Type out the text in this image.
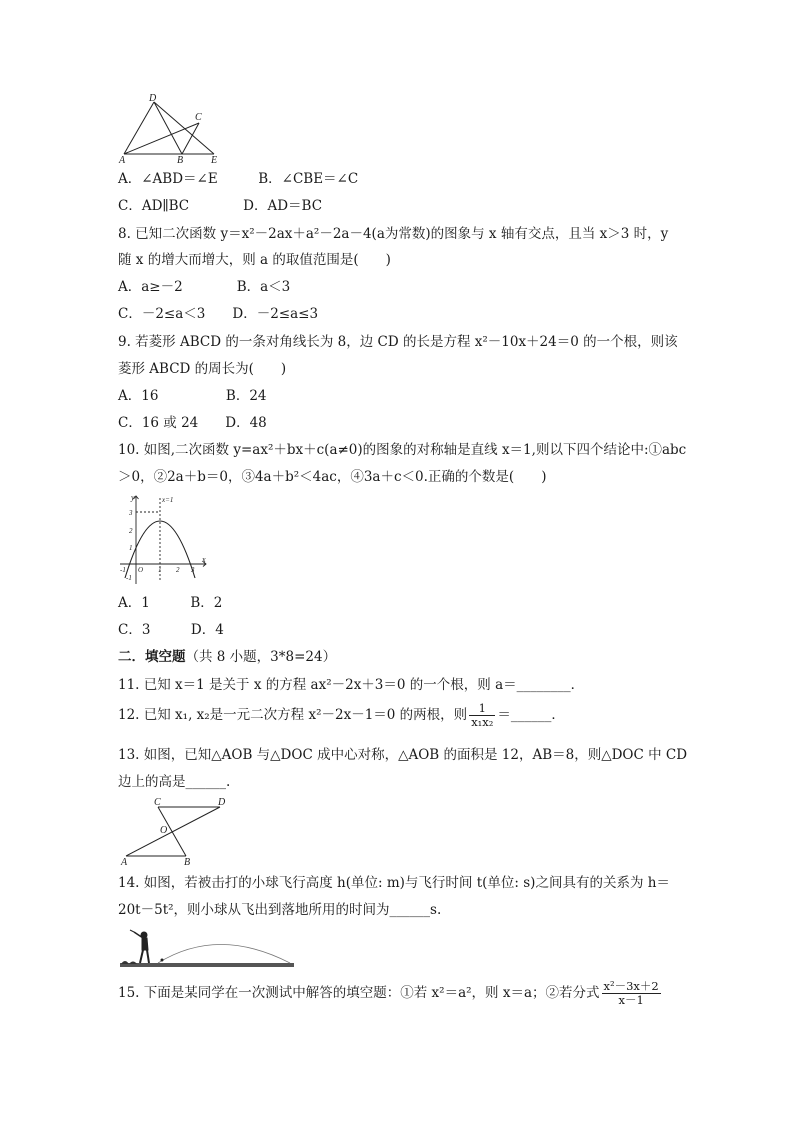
D
C
A	B	E
A．∠ABD＝∠E　　　B．∠CBE＝∠C
C．AD∥BC　　　　D．AD＝BC
8. 已知二次函数 y＝x²－2ax＋a²－2a－4(a为常数)的图象与 x 轴有交点，且当 x＞3 时，y
随 x 的增大而增大，则 a 的取值范围是(　　)
A．a≥－2　　　　B．a＜3
C．－2≤a＜3　　D．－2≤a≤3
9. 若菱形 ABCD 的一条对角线长为 8，边 CD 的长是方程 x²－10x＋24＝0 的一个根，则该
菱形 ABCD 的周长为(　　)
A．16　　　　　B．24
C．16 或 24　　D．48
10. 如图,二次函数 y=ax²＋bx＋c(a≠0)的图象的对称轴是直线 x＝1,则以下四个结论中:①abc
＞0，②2a＋b＝0，③4a＋b²＜4ac，④3a＋c＜0.正确的个数是(　　)
y
x
x=1
3
2
1
O
-1	1 2 3
-1
A．1　　　B．2
C．3　　　D．4
二．填空题（共 8 小题，3*8=24）
11. 已知 x＝1 是关于 x 的方程 ax²－2x＋3＝0 的一个根，则 a＝________．
12. 已知 x₁, x₂是一元二次方程 x²－2x－1＝0 的两根，则 $\frac{1}{\text{x₁x₂}}$ ＝______．
13. 如图，已知△AOB 与△DOC 成中心对称，△AOB 的面积是 12，AB＝8，则△DOC 中 CD
边上的高是______.
C	D
O
A	B
14. 如图，若被击打的小球飞行高度 h(单位: m)与飞行时间 t(单位: s)之间具有的关系为 h＝
20t－5t²，则小球从飞出到落地所用的时间为______s.
15. 下面是某同学在一次测试中解答的填空题：①若 x²＝a²，则 x＝a；②若分式 $\frac{\text{x²－3x＋2}}{x-1}$
